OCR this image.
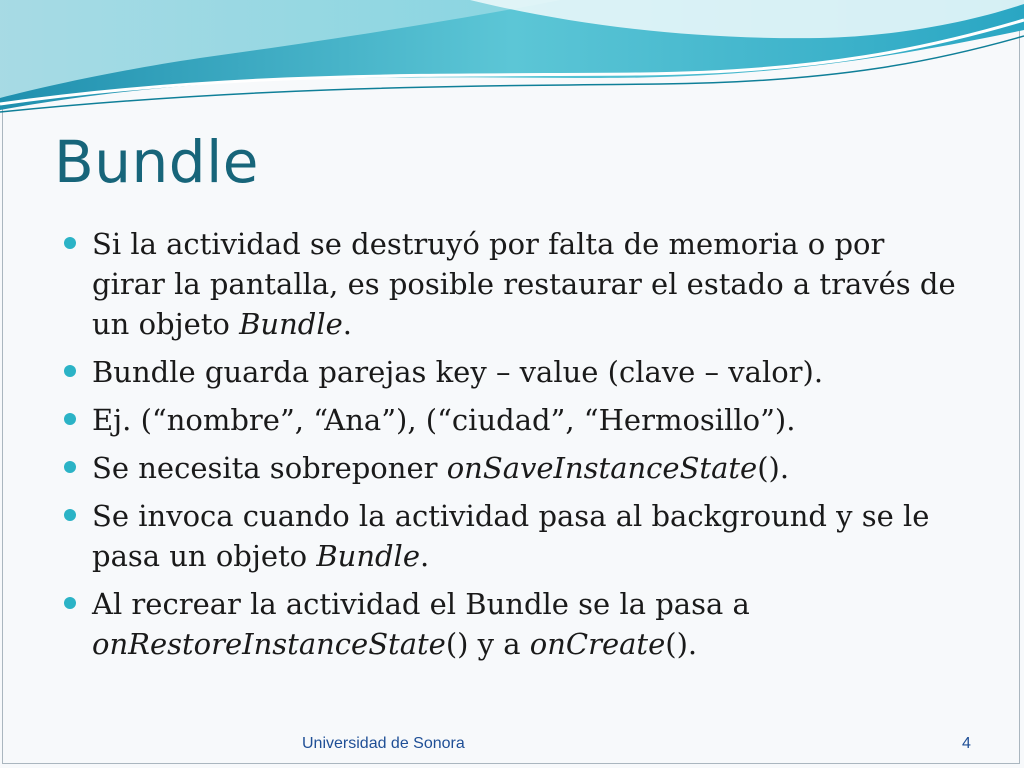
Bundle
Si la actividad se destruyó por falta de memoria o por girar la pantalla, es posible restaurar el estado a través de un objeto Bundle.
Bundle guarda parejas key – value (clave – valor).
Ej. (“nombre”, “Ana”), (“ciudad”, “Hermosillo”).
Se necesita sobreponer onSaveInstanceState().
Se invoca cuando la actividad pasa al background y se le pasa un objeto Bundle.
Al recrear la actividad el Bundle se la pasa a onRestoreInstanceState() y a onCreate().
Universidad de Sonora	4
